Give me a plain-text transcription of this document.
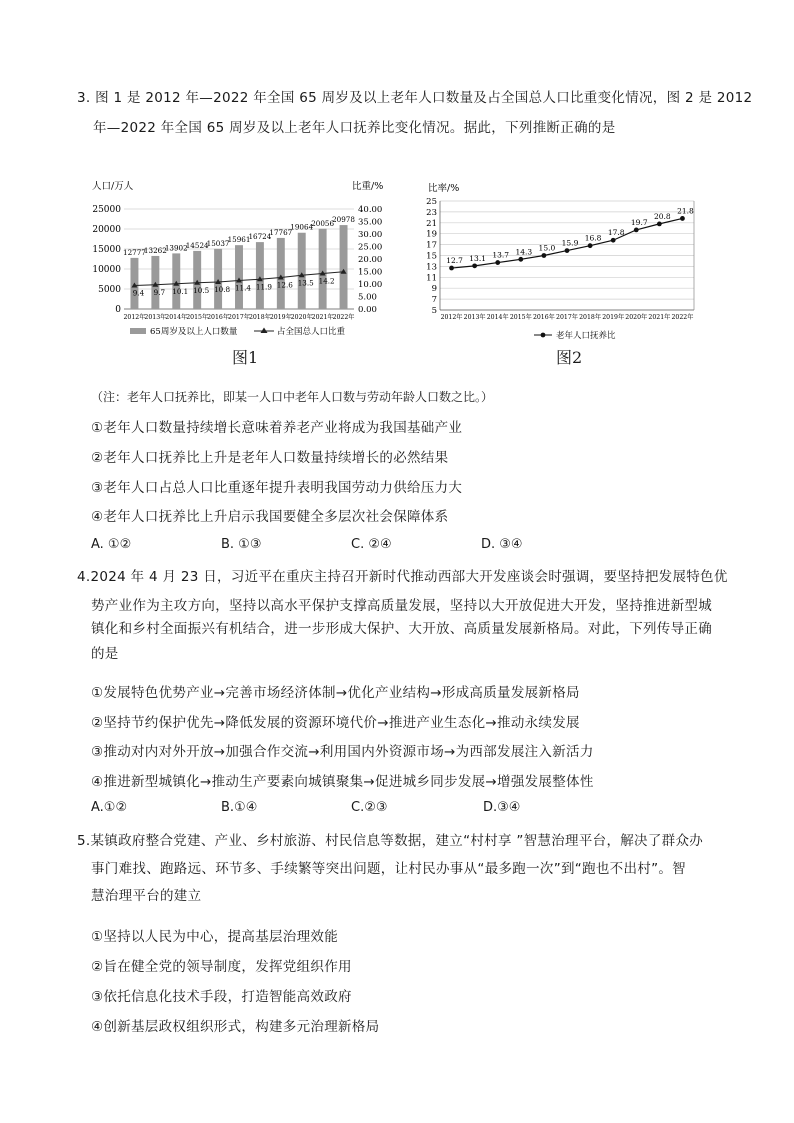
3. 图 1 是 2012 年—2022 年全国 65 周岁及以上老年人口数量及占全国总人口比重变化情况，图 2 是 2012
年—2022 年全国 65 周岁及以上老年人口抚养比变化情况。据此，下列推断正确的是
人口/万人	比重/%
0
5000
10000
15000
20000
25000
0.00
5.00
10.00
15.00
20.00
25.00
30.00
35.00
40.00
12777
13262
13902
14524
15037
15961
16724
17767
19064
20056
20978
9.4 9.7 10.1 10.5 10.8 11.4 11.9 12.6 13.5 14.2
2012年
2013年
2014年
2015年
2016年
2017年
2018年
2019年
2020年
2021年
2022年
65周岁及以上人口数量	占全国总人口比重
图1
比率/%
5
7
9
11
13
15
17
19
21
23
25
12.7 13.1 13.7 14.3 15.0
15.9
16.8
17.8
19.7
20.8
21.8
2012年 2013年 2014年 2015年 2016年 2017年 2018年 2019年 2020年 2021年 2022年
老年人口抚养比
图2
（注：老年人口抚养比，即某一人口中老年人口数与劳动年龄人口数之比。）
①老年人口数量持续增长意味着养老产业将成为我国基础产业
②老年人口抚养比上升是老年人口数量持续增长的必然结果
③老年人口占总人口比重逐年提升表明我国劳动力供给压力大
④老年人口抚养比上升启示我国要健全多层次社会保障体系
A. ①②	B. ①③	C. ②④	D. ③④
4.2024 年 4 月 23 日，习近平在重庆主持召开新时代推动西部大开发座谈会时强调，要坚持把发展特色优
势产业作为主攻方向，坚持以高水平保护支撑高质量发展，坚持以大开放促进大开发，坚持推进新型城
镇化和乡村全面振兴有机结合，进一步形成大保护、大开放、高质量发展新格局。对此，下列传导正确
的是
①发展特色优势产业→完善市场经济体制→优化产业结构→形成高质量发展新格局
②坚持节约保护优先→降低发展的资源环境代价→推进产业生态化→推动永续发展
③推动对内对外开放→加强合作交流→利用国内外资源市场→为西部发展注入新活力
④推进新型城镇化→推动生产要素向城镇聚集→促进城乡同步发展→增强发展整体性
A.①②	B.①④	C.②③	D.③④
5.某镇政府整合党建、产业、乡村旅游、村民信息等数据，建立“村村享 ”智慧治理平台，解决了群众办
事门难找、跑路远、环节多、手续繁等突出问题，让村民办事从“最多跑一次”到“跑也不出村”。智
慧治理平台的建立
①坚持以人民为中心，提高基层治理效能
②旨在健全党的领导制度，发挥党组织作用
③依托信息化技术手段，打造智能高效政府
④创新基层政权组织形式，构建多元治理新格局
